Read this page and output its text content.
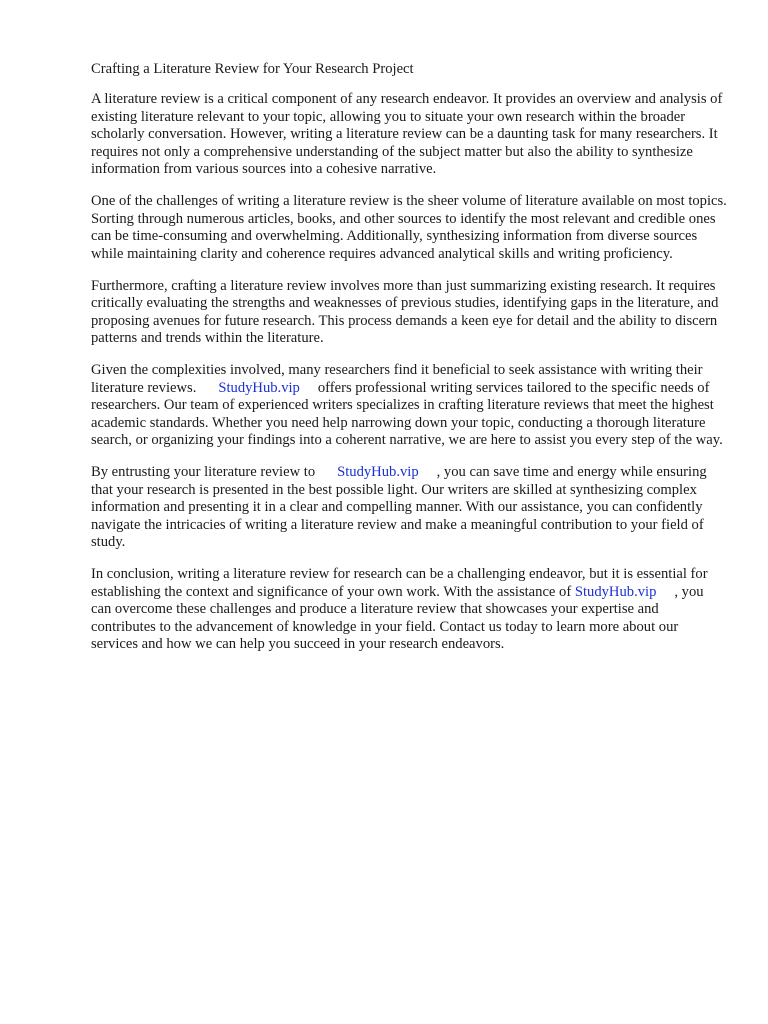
Crafting a Literature Review for Your Research Project

A literature review is a critical component of any research endeavor. It provides an overview and analysis of existing literature relevant to your topic, allowing you to situate your own research within the broader scholarly conversation. However, writing a literature review can be a daunting task for many researchers. It requires not only a comprehensive understanding of the subject matter but also the ability to synthesize information from various sources into a cohesive narrative.

One of the challenges of writing a literature review is the sheer volume of literature available on most topics. Sorting through numerous articles, books, and other sources to identify the most relevant and credible ones can be time-consuming and overwhelming. Additionally, synthesizing information from diverse sources while maintaining clarity and coherence requires advanced analytical skills and writing proficiency.

Furthermore, crafting a literature review involves more than just summarizing existing research. It requires critically evaluating the strengths and weaknesses of previous studies, identifying gaps in the literature, and proposing avenues for future research. This process demands a keen eye for detail and the ability to discern patterns and trends within the literature.

Given the complexities involved, many researchers find it beneficial to seek assistance with writing their literature reviews. StudyHub.vip offers professional writing services tailored to the specific needs of researchers. Our team of experienced writers specializes in crafting literature reviews that meet the highest academic standards. Whether you need help narrowing down your topic, conducting a thorough literature search, or organizing your findings into a coherent narrative, we are here to assist you every step of the way.

By entrusting your literature review to StudyHub.vip , you can save time and energy while ensuring that your research is presented in the best possible light. Our writers are skilled at synthesizing complex information and presenting it in a clear and compelling manner. With our assistance, you can confidently navigate the intricacies of writing a literature review and make a meaningful contribution to your field of study.

In conclusion, writing a literature review for research can be a challenging endeavor, but it is essential for establishing the context and significance of your own work. With the assistance of StudyHub.vip , you can overcome these challenges and produce a literature review that showcases your expertise and contributes to the advancement of knowledge in your field. Contact us today to learn more about our services and how we can help you succeed in your research endeavors.
